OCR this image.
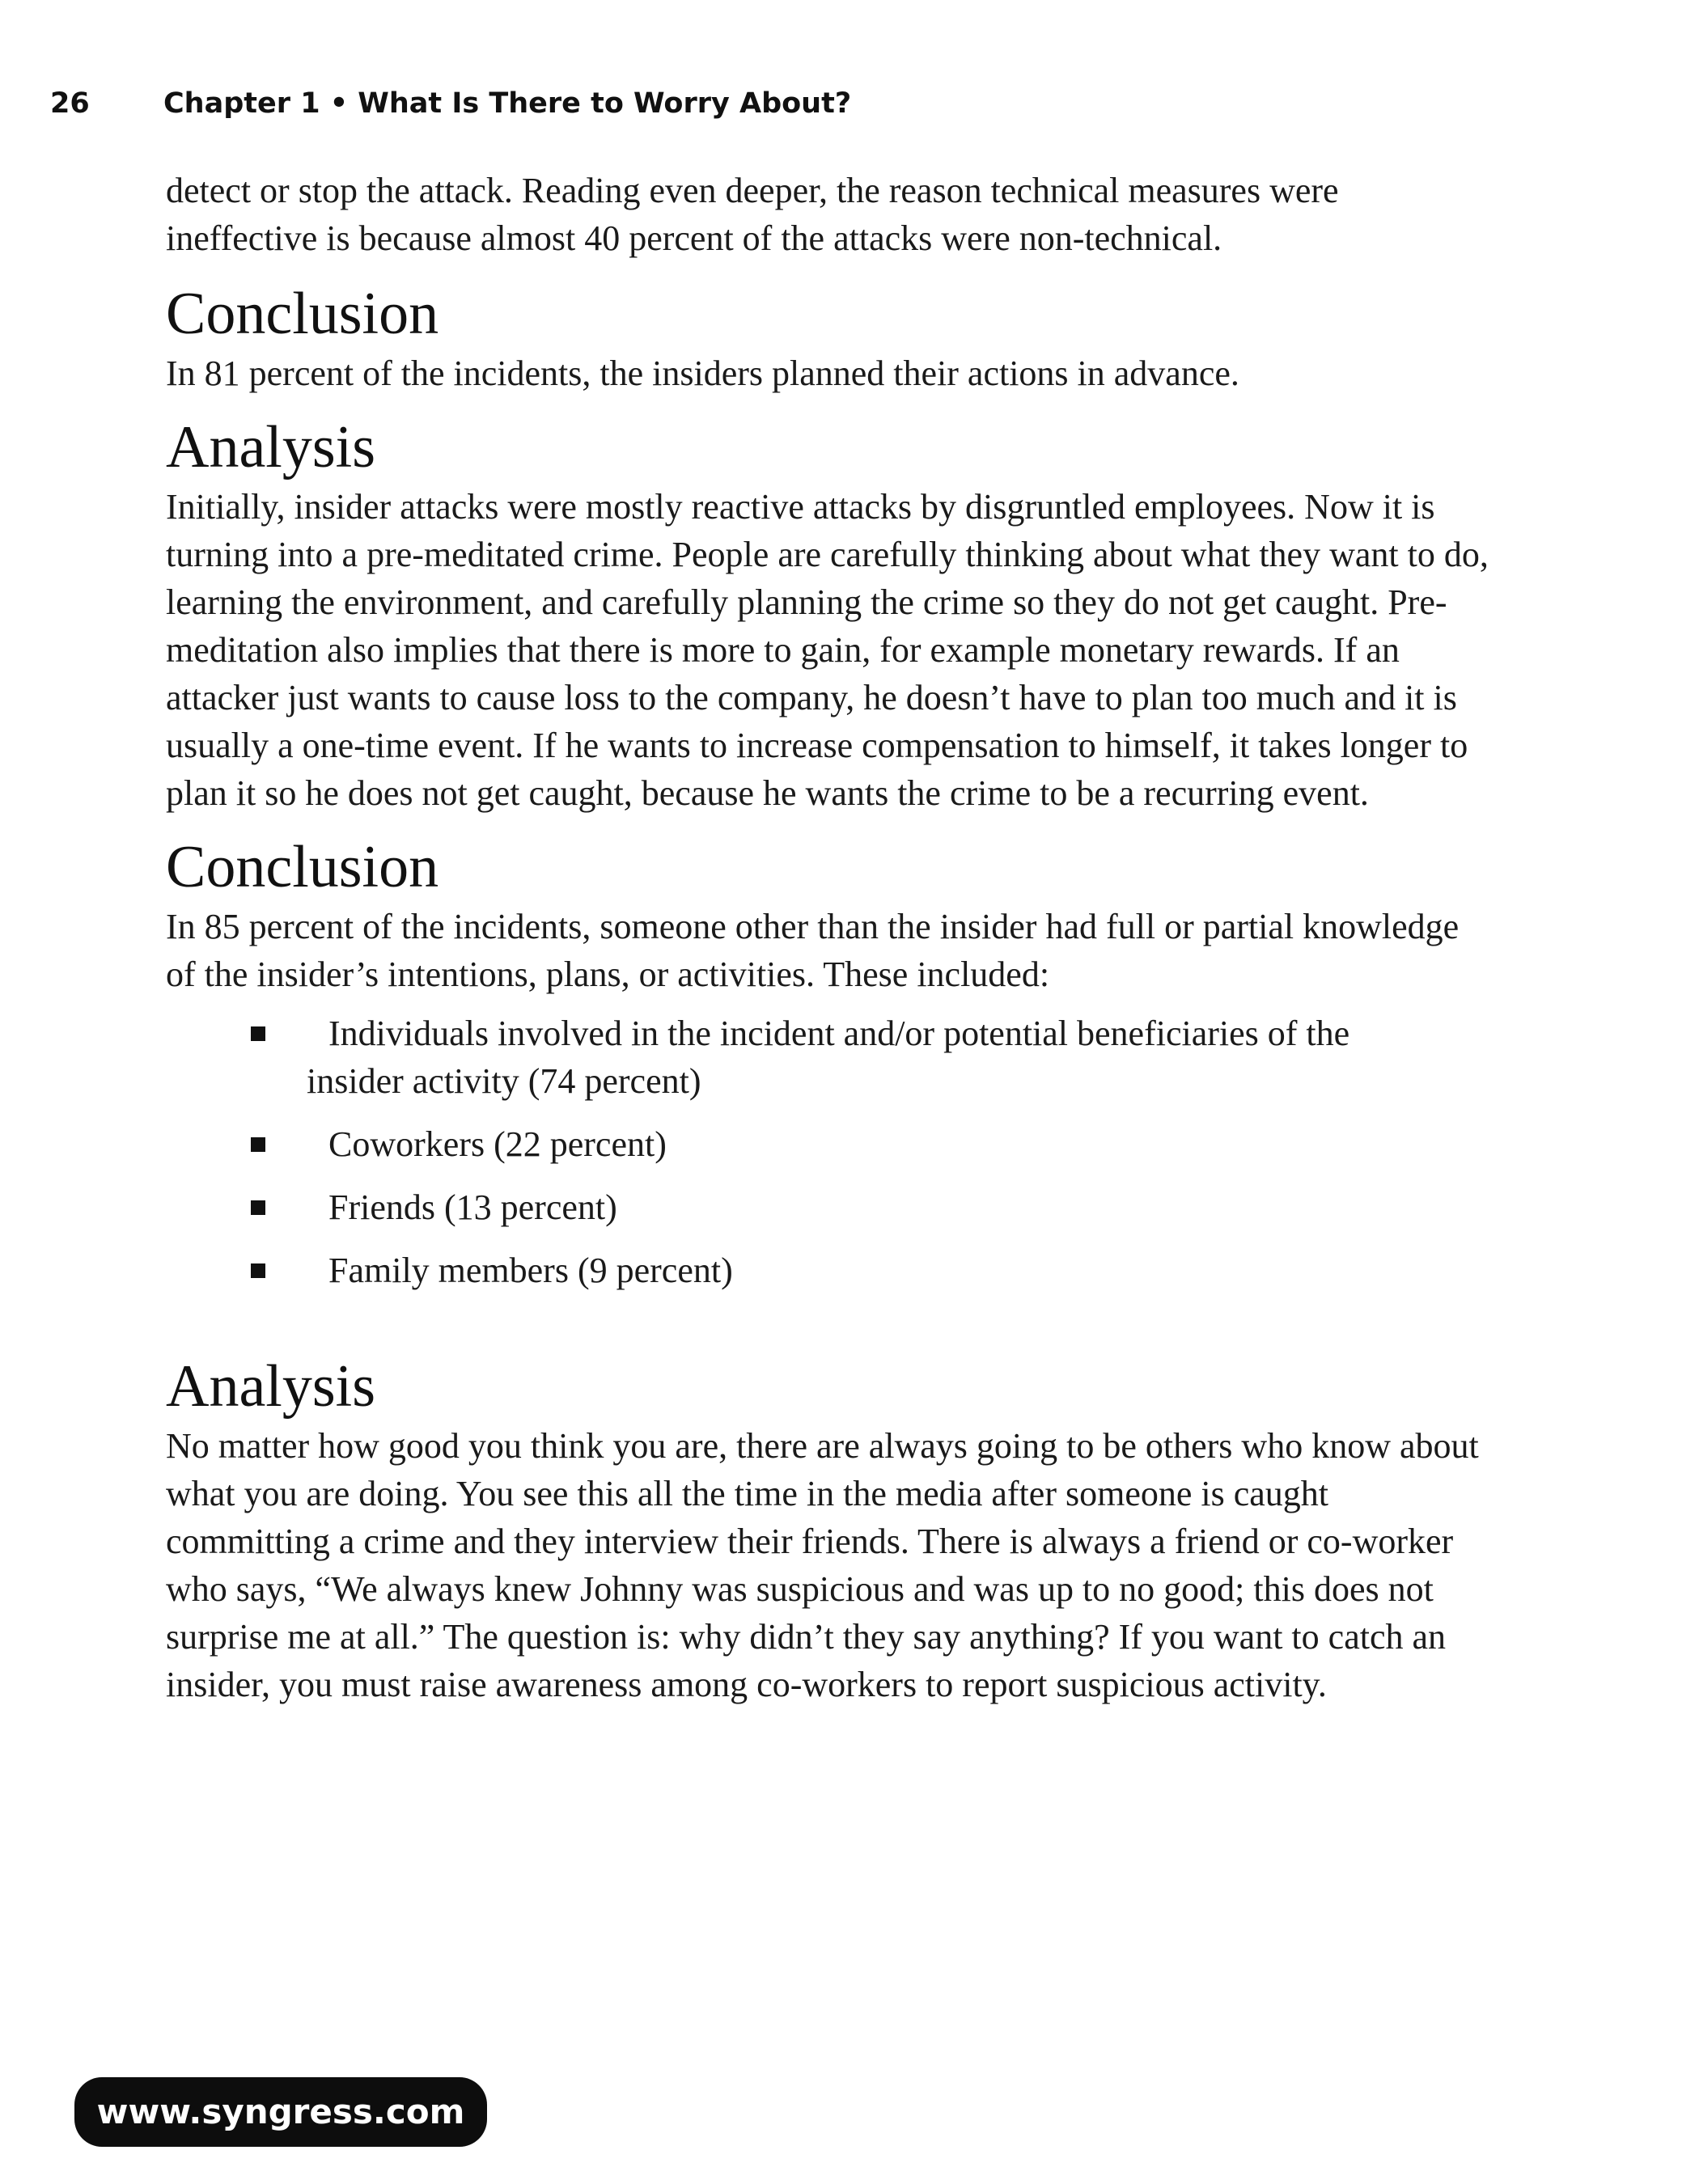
26	Chapter 1 • What Is There to Worry About?

detect or stop the attack. Reading even deeper, the reason technical measures were ineffective is because almost 40 percent of the attacks were non-technical.

Conclusion

In 81 percent of the incidents, the insiders planned their actions in advance.

Analysis

Initially, insider attacks were mostly reactive attacks by disgruntled employees. Now it is turning into a pre-meditated crime. People are carefully thinking about what they want to do, learning the environment, and carefully planning the crime so they do not get caught. Pre-meditation also implies that there is more to gain, for example monetary rewards. If an attacker just wants to cause loss to the company, he doesn’t have to plan too much and it is usually a one-time event. If he wants to increase compensation to himself, it takes longer to plan it so he does not get caught, because he wants the crime to be a recurring event.

Conclusion

In 85 percent of the incidents, someone other than the insider had full or partial knowledge of the insider’s intentions, plans, or activities. These included:

Individuals involved in the incident and/or potential beneficiaries of the
insider activity (74 percent)
Coworkers (22 percent)
Friends (13 percent)
Family members (9 percent)
Analysis

No matter how good you think you are, there are always going to be others who know about what you are doing. You see this all the time in the media after someone is caught committing a crime and they interview their friends. There is always a friend or co-worker who says, “We always knew Johnny was suspicious and was up to no good; this does not surprise me at all.” The question is: why didn’t they say anything? If you want to catch an insider, you must raise awareness among co-workers to report suspicious activity.

www.syngress.com
